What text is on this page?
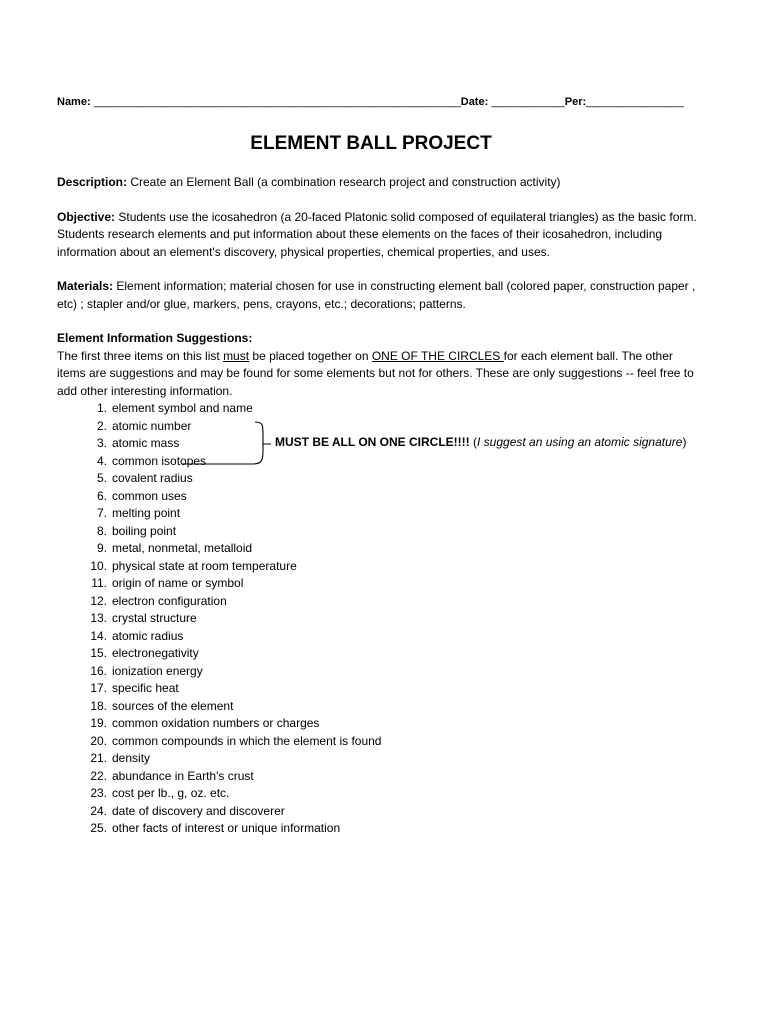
Name: ____________________________________________________________Date: ____________Per:________________
ELEMENT BALL PROJECT

Description: Create an Element Ball (a combination research project and construction activity)

Objective: Students use the icosahedron (a 20-faced Platonic solid composed of equilateral triangles) as the basic form. Students research elements and put information about these elements on the faces of their icosahedron, including information about an element's discovery, physical properties, chemical properties, and uses.

Materials: Element information; material chosen for use in constructing element ball (colored paper, construction paper , etc) ; stapler and/or glue, markers, pens, crayons, etc.; decorations; patterns.

Element Information Suggestions:

The first three items on this list must be placed together on ONE OF THE CIRCLES for each element ball. The other items are suggestions and may be found for some elements but not for others. These are only suggestions -- feel free to add other interesting information.

1. element symbol and name
2. atomic number
3. atomic mass
4. common isotopes
5. covalent radius
6. common uses
7. melting point
8. boiling point
9. metal, nonmetal, metalloid
10. physical state at room temperature
11. origin of name or symbol
12. electron configuration
13. crystal structure
14. atomic radius
15. electronegativity
16. ionization energy
17. specific heat
18. sources of the element
19. common oxidation numbers or charges
20. common compounds in which the element is found
21. density
22. abundance in Earth's crust
23. cost per lb., g, oz. etc.
24. date of discovery and discoverer
25. other facts of interest or unique information
MUST BE ALL ON ONE CIRCLE!!!! (I suggest an using an atomic signature)
